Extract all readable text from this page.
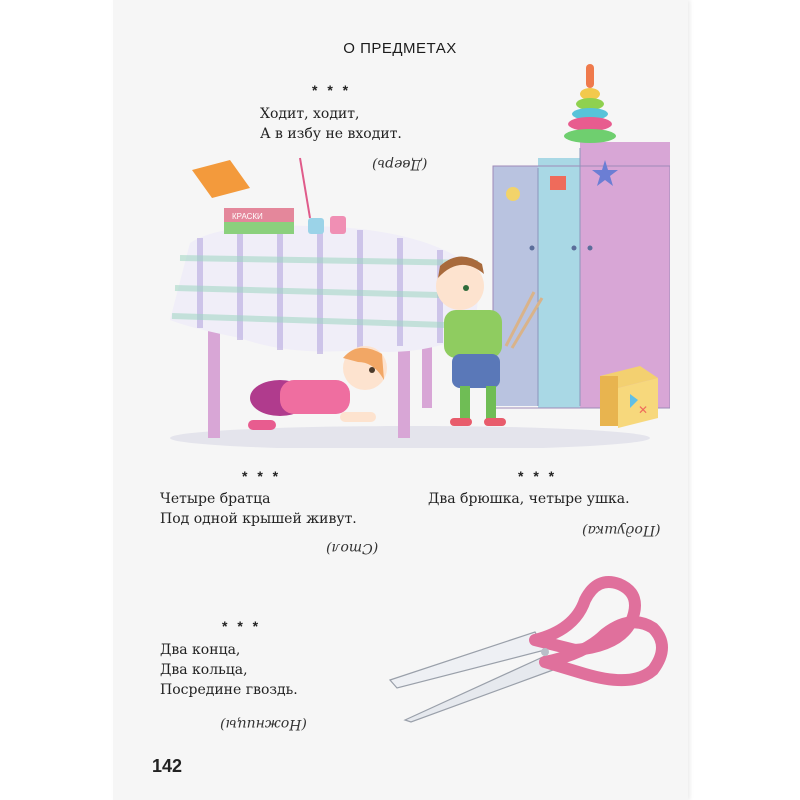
О ПРЕДМЕТАХ
* * *
Ходит, ходит,
А в избу не входит.
(Дверь)
✕
КРАСКИ
* * *
Четыре братца
Под одной крышей живут.
(Стол)
* * *
Два брюшка, четыре ушка.
(Подушка)
* * *
Два конца,
Два кольца,
Посредине гвоздь.
(Ножницы)
142
